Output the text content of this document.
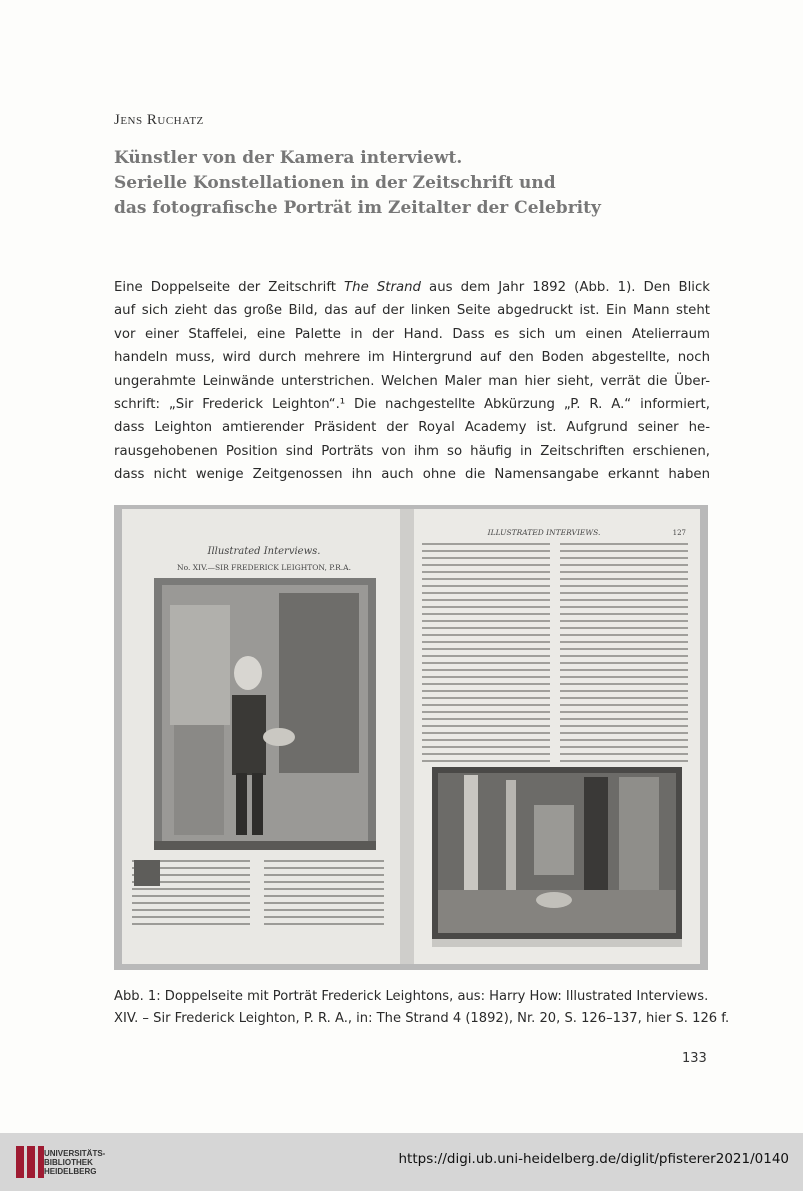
Jens Ruchatz
Künstler von der Kamera interviewt.
Serielle Konstellationen in der Zeitschrift und
das fotografische Porträt im Zeitalter der Celebrity

Eine Doppelseite der Zeitschrift The Strand aus dem Jahr 1892 (Abb. 1). Den Blick

auf sich zieht das große Bild, das auf der linken Seite abgedruckt ist. Ein Mann steht

vor einer Staffelei, eine Palette in der Hand. Dass es sich um einen Atelierraum

handeln muss, wird durch mehrere im Hintergrund auf den Boden abgestellte, noch

ungerahmte Leinwände unterstrichen. Welchen Maler man hier sieht, verrät die Über-

schrift: „Sir Frederick Leighton“.¹ Die nachgestellte Abkürzung „P. R. A.“ informiert,

dass Leighton amtierender Präsident der Royal Academy ist. Aufgrund seiner he-

rausgehobenen Position sind Porträts von ihm so häufig in Zeitschriften erschienen,

dass nicht wenige Zeitgenossen ihn auch ohne die Namensangabe erkannt haben

Illustrated Interviews.
No. XIV.—SIR FREDERICK LEIGHTON, P.R.A.
ILLUSTRATED INTERVIEWS.	127
Abb. 1: Doppelseite mit Porträt Frederick Leightons, aus: Harry How: Illustrated Interviews.
XIV. – Sir Frederick Leighton, P. R. A., in: The Strand 4 (1892), Nr. 20, S. 126–137, hier S. 126 f.
133
UNIVERSITÄTS-
BIBLIOTHEK
HEIDELBERG
https://digi.ub.uni-heidelberg.de/diglit/pfisterer2021/0140
